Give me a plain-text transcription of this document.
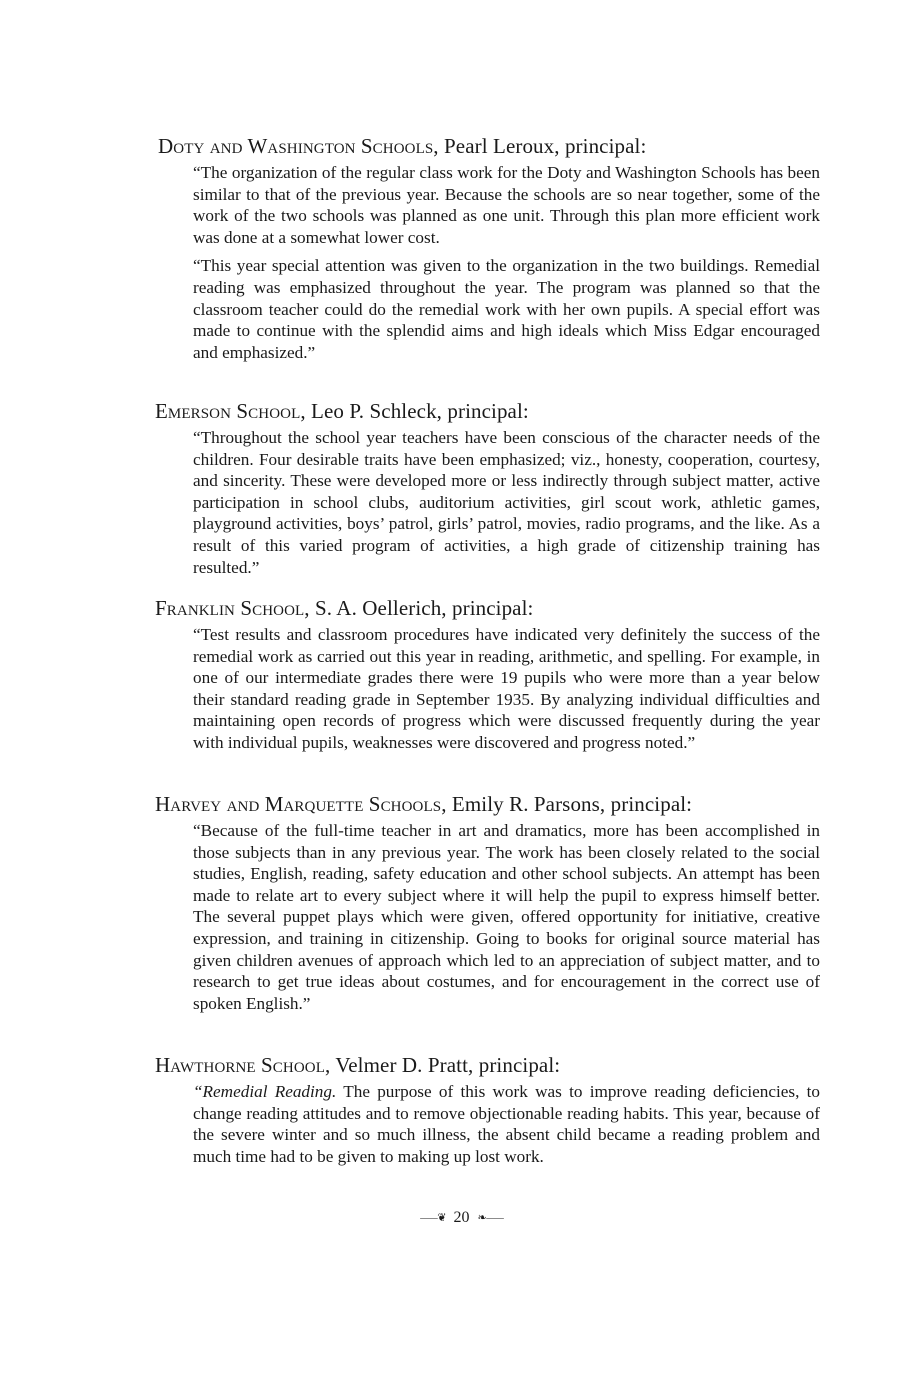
Doty and Washington Schools, Pearl Leroux, principal:
“The organization of the regular class work for the Doty and Washington Schools has been similar to that of the previous year. Because the schools are so near together, some of the work of the two schools was planned as one unit. Through this plan more efficient work was done at a somewhat lower cost.
“This year special attention was given to the organization in the two buildings. Remedial reading was emphasized throughout the year. The program was planned so that the classroom teacher could do the remedial work with her own pupils. A special effort was made to continue with the splendid aims and high ideals which Miss Edgar encouraged and emphasized.”
Emerson School, Leo P. Schleck, principal:
“Throughout the school year teachers have been conscious of the character needs of the children. Four desirable traits have been emphasized; viz., honesty, cooperation, courtesy, and sincerity. These were developed more or less indirectly through subject matter, active participation in school clubs, auditorium activities, girl scout work, athletic games, playground activities, boys’ patrol, girls’ patrol, movies, radio programs, and the like. As a result of this varied program of activities, a high grade of citizenship training has resulted.”
Franklin School, S. A. Oellerich, principal:
“Test results and classroom procedures have indicated very definitely the success of the remedial work as carried out this year in reading, arithmetic, and spelling. For example, in one of our intermediate grades there were 19 pupils who were more than a year below their standard reading grade in September 1935. By analyzing individual difficulties and maintaining open records of progress which were discussed frequently during the year with individual pupils, weaknesses were discovered and progress noted.”
Harvey and Marquette Schools, Emily R. Parsons, principal:
“Because of the full-time teacher in art and dramatics, more has been accomplished in those subjects than in any previous year. The work has been closely related to the social studies, English, reading, safety education and other school subjects. An attempt has been made to relate art to every subject where it will help the pupil to express himself better. The several puppet plays which were given, offered opportunity for initiative, creative expression, and training in citizenship. Going to books for original source material has given children avenues of approach which led to an appreciation of subject matter, and to research to get true ideas about costumes, and for encouragement in the correct use of spoken English.”
Hawthorne School, Velmer D. Pratt, principal:
“Remedial Reading. The purpose of this work was to improve reading deficiencies, to change reading attitudes and to remove objectionable reading habits. This year, because of the severe winter and so much illness, the absent child became a reading problem and much time had to be given to making up lost work.
⸺❦ 20 ❧⸺
